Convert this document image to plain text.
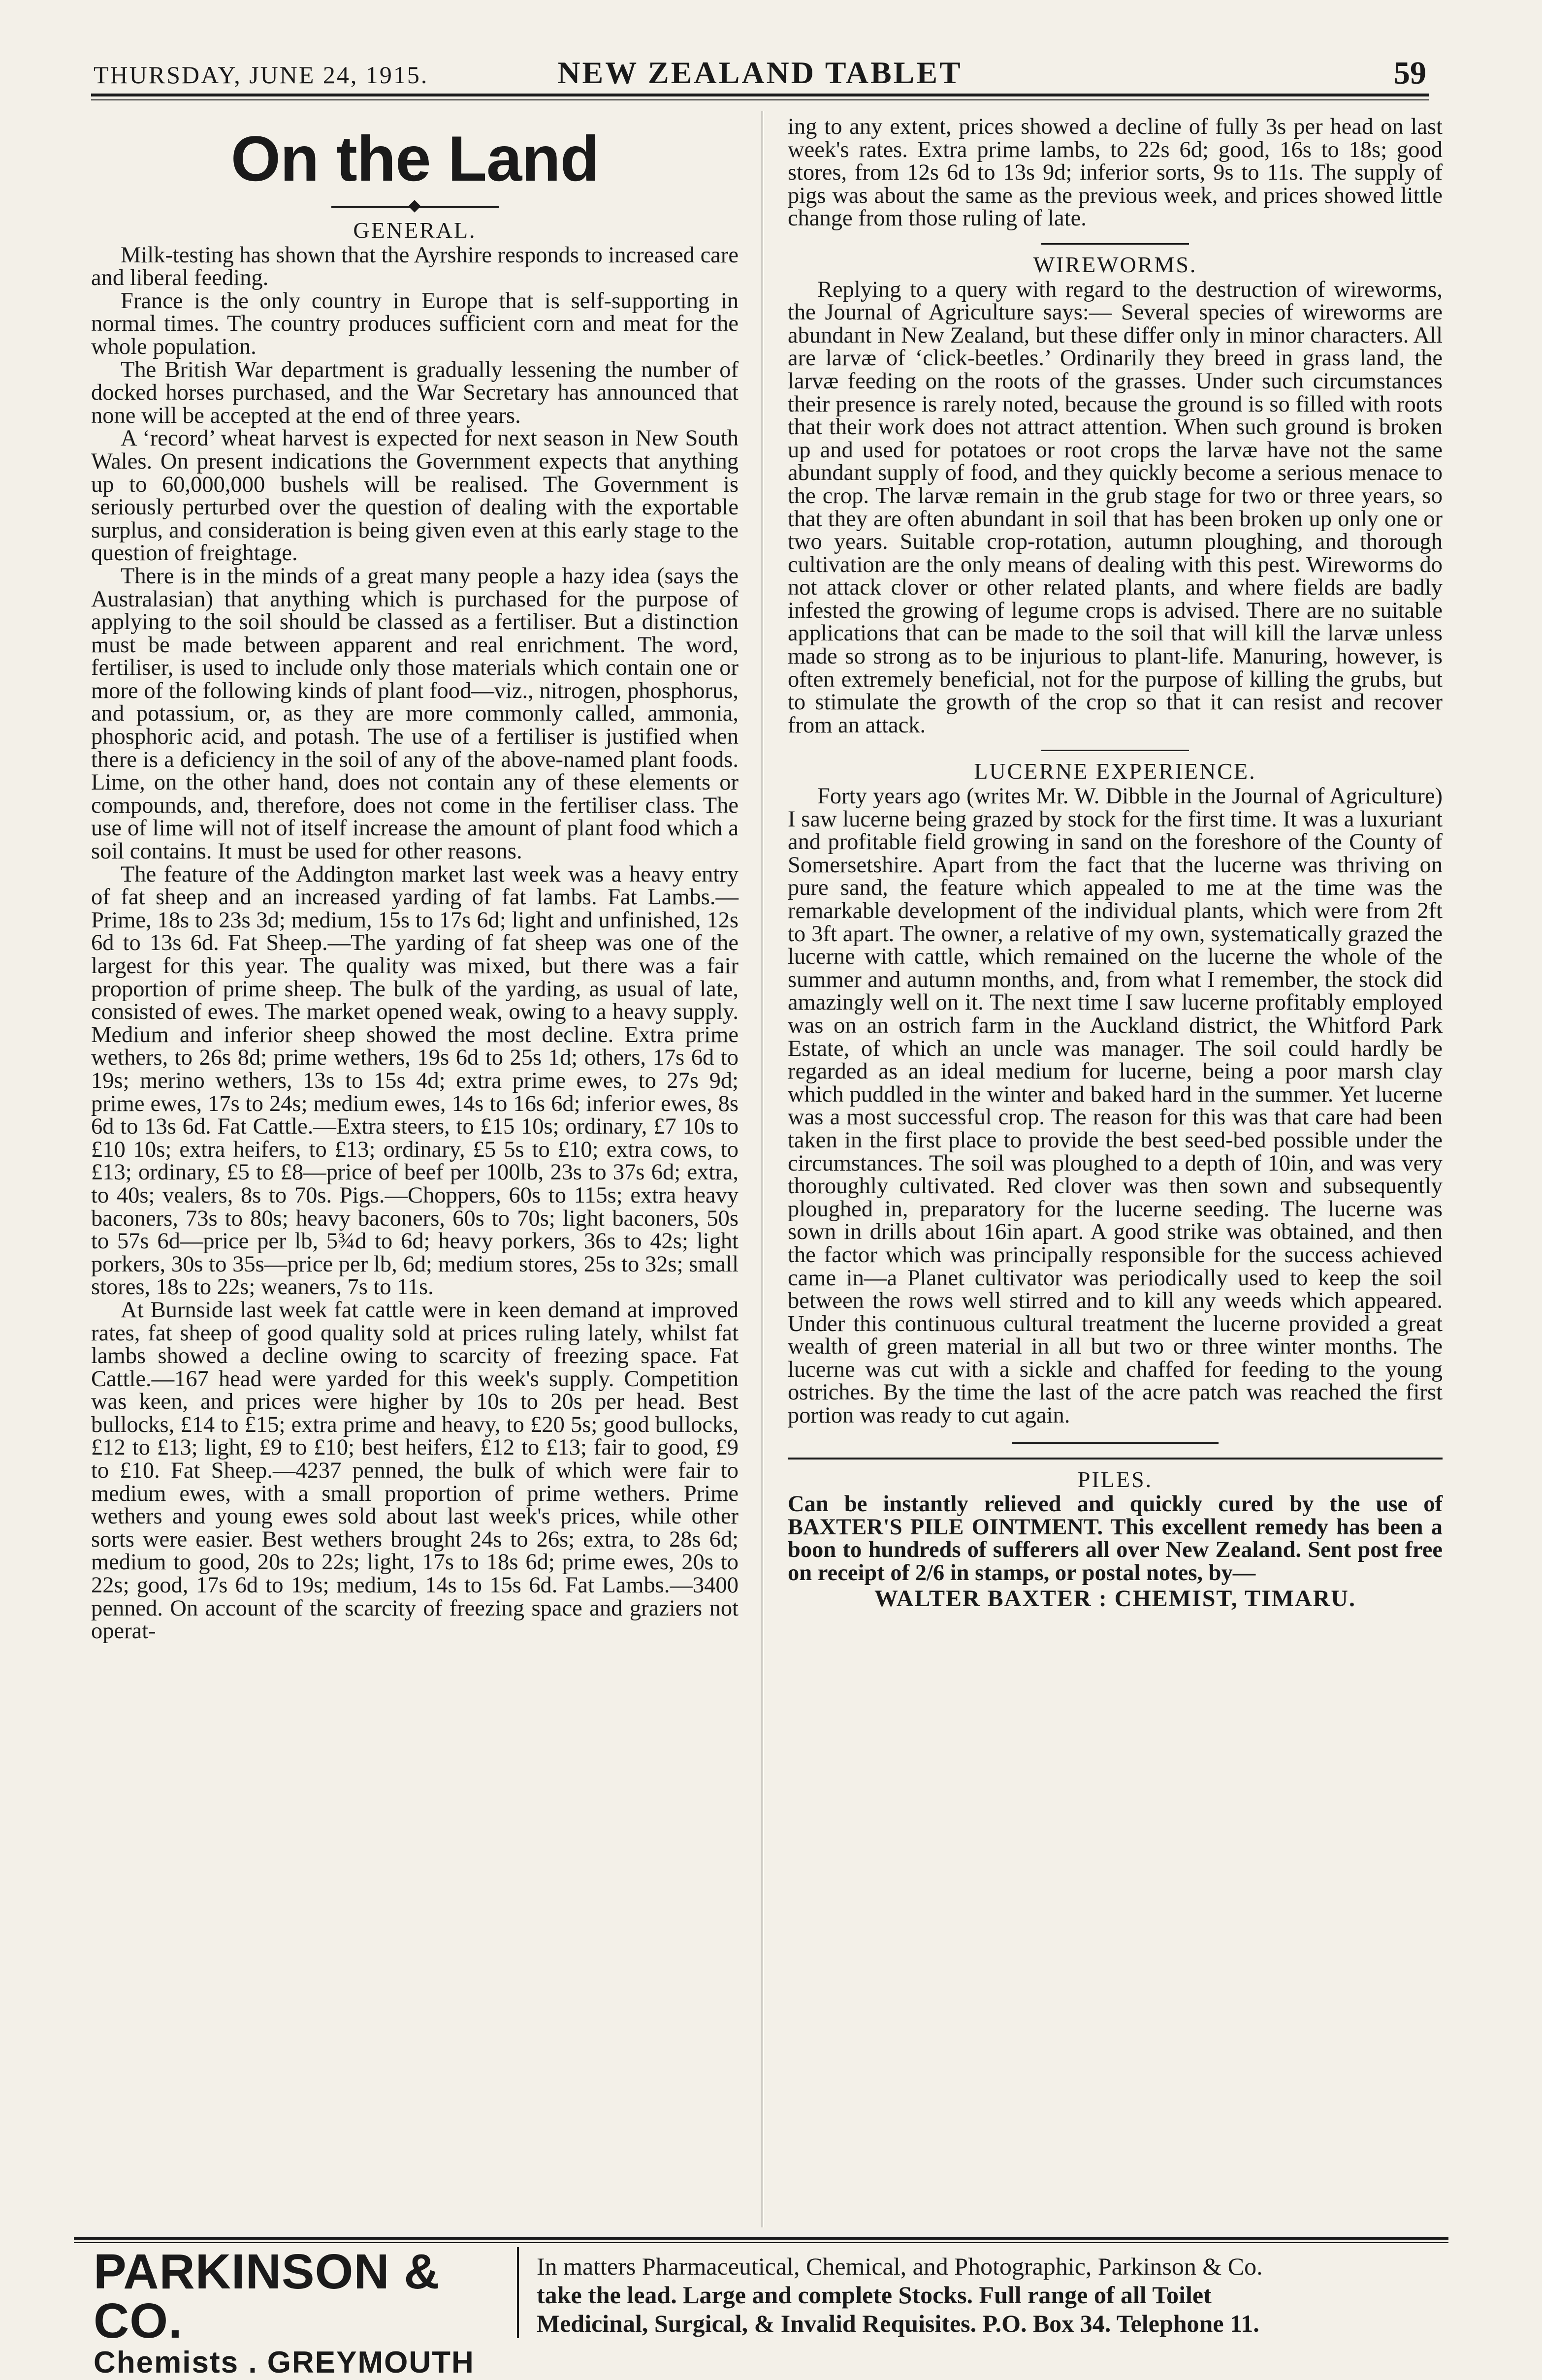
THURSDAY, JUNE 24, 1915.	NEW ZEALAND TABLET	59
On the Land
GENERAL.

Milk-testing has shown that the Ayrshire responds to increased care and liberal feeding.

France is the only country in Europe that is self-supporting in normal times. The country produces sufficient corn and meat for the whole population.

The British War department is gradually lessening the number of docked horses purchased, and the War Secretary has announced that none will be accepted at the end of three years.

A ‘record’ wheat harvest is expected for next season in New South Wales. On present indications the Government expects that anything up to 60,000,000 bushels will be realised. The Government is seriously perturbed over the question of dealing with the exportable surplus, and consideration is being given even at this early stage to the question of freightage.

There is in the minds of a great many people a hazy idea (says the Australasian) that anything which is purchased for the purpose of applying to the soil should be classed as a fertiliser. But a distinction must be made between apparent and real enrichment. The word, fertiliser, is used to include only those materials which contain one or more of the following kinds of plant food—viz., nitrogen, phosphorus, and potassium, or, as they are more commonly called, ammonia, phosphoric acid, and potash. The use of a fertiliser is justified when there is a deficiency in the soil of any of the above-named plant foods. Lime, on the other hand, does not contain any of these elements or compounds, and, therefore, does not come in the fertiliser class. The use of lime will not of itself increase the amount of plant food which a soil contains. It must be used for other reasons.

The feature of the Addington market last week was a heavy entry of fat sheep and an increased yarding of fat lambs. Fat Lambs.—Prime, 18s to 23s 3d; medium, 15s to 17s 6d; light and unfinished, 12s 6d to 13s 6d. Fat Sheep.—The yarding of fat sheep was one of the largest for this year. The quality was mixed, but there was a fair proportion of prime sheep. The bulk of the yarding, as usual of late, consisted of ewes. The market opened weak, owing to a heavy supply. Medium and inferior sheep showed the most decline. Extra prime wethers, to 26s 8d; prime wethers, 19s 6d to 25s 1d; others, 17s 6d to 19s; merino wethers, 13s to 15s 4d; extra prime ewes, to 27s 9d; prime ewes, 17s to 24s; medium ewes, 14s to 16s 6d; inferior ewes, 8s 6d to 13s 6d. Fat Cattle.—Extra steers, to £15 10s; ordinary, £7 10s to £10 10s; extra heifers, to £13; ordinary, £5 5s to £10; extra cows, to £13; ordinary, £5 to £8—price of beef per 100lb, 23s to 37s 6d; extra, to 40s; vealers, 8s to 70s. Pigs.—Choppers, 60s to 115s; extra heavy baconers, 73s to 80s; heavy baconers, 60s to 70s; light baconers, 50s to 57s 6d—price per lb, 5¾d to 6d; heavy porkers, 36s to 42s; light porkers, 30s to 35s—price per lb, 6d; medium stores, 25s to 32s; small stores, 18s to 22s; weaners, 7s to 11s.

At Burnside last week fat cattle were in keen demand at improved rates, fat sheep of good quality sold at prices ruling lately, whilst fat lambs showed a decline owing to scarcity of freezing space. Fat Cattle.—167 head were yarded for this week's supply. Competition was keen, and prices were higher by 10s to 20s per head. Best bullocks, £14 to £15; extra prime and heavy, to £20 5s; good bullocks, £12 to £13; light, £9 to £10; best heifers, £12 to £13; fair to good, £9 to £10. Fat Sheep.—4237 penned, the bulk of which were fair to medium ewes, with a small proportion of prime wethers. Prime wethers and young ewes sold about last week's prices, while other sorts were easier. Best wethers brought 24s to 26s; extra, to 28s 6d; medium to good, 20s to 22s; light, 17s to 18s 6d; prime ewes, 20s to 22s; good, 17s 6d to 19s; medium, 14s to 15s 6d. Fat Lambs.—3400 penned. On account of the scarcity of freezing space and graziers not operat-

ing to any extent, prices showed a decline of fully 3s per head on last week's rates. Extra prime lambs, to 22s 6d; good, 16s to 18s; good stores, from 12s 6d to 13s 9d; inferior sorts, 9s to 11s. The supply of pigs was about the same as the previous week, and prices showed little change from those ruling of late.

WIREWORMS.

Replying to a query with regard to the destruction of wireworms, the Journal of Agriculture says:— Several species of wireworms are abundant in New Zealand, but these differ only in minor characters. All are larvæ of ‘click-beetles.’ Ordinarily they breed in grass land, the larvæ feeding on the roots of the grasses. Under such circumstances their presence is rarely noted, because the ground is so filled with roots that their work does not attract attention. When such ground is broken up and used for potatoes or root crops the larvæ have not the same abundant supply of food, and they quickly become a serious menace to the crop. The larvæ remain in the grub stage for two or three years, so that they are often abundant in soil that has been broken up only one or two years. Suitable crop-rotation, autumn ploughing, and thorough cultivation are the only means of dealing with this pest. Wireworms do not attack clover or other related plants, and where fields are badly infested the growing of legume crops is advised. There are no suitable applications that can be made to the soil that will kill the larvæ unless made so strong as to be injurious to plant-life. Manuring, however, is often extremely beneficial, not for the purpose of killing the grubs, but to stimulate the growth of the crop so that it can resist and recover from an attack.

LUCERNE EXPERIENCE.

Forty years ago (writes Mr. W. Dibble in the Journal of Agriculture) I saw lucerne being grazed by stock for the first time. It was a luxuriant and profitable field growing in sand on the foreshore of the County of Somersetshire. Apart from the fact that the lucerne was thriving on pure sand, the feature which appealed to me at the time was the remarkable development of the individual plants, which were from 2ft to 3ft apart. The owner, a relative of my own, systematically grazed the lucerne with cattle, which remained on the lucerne the whole of the summer and autumn months, and, from what I remember, the stock did amazingly well on it. The next time I saw lucerne profitably employed was on an ostrich farm in the Auckland district, the Whitford Park Estate, of which an uncle was manager. The soil could hardly be regarded as an ideal medium for lucerne, being a poor marsh clay which puddled in the winter and baked hard in the summer. Yet lucerne was a most successful crop. The reason for this was that care had been taken in the first place to provide the best seed-bed possible under the circumstances. The soil was ploughed to a depth of 10in, and was very thoroughly cultivated. Red clover was then sown and subsequently ploughed in, preparatory for the lucerne seeding. The lucerne was sown in drills about 16in apart. A good strike was obtained, and then the factor which was principally responsible for the success achieved came in—a Planet cultivator was periodically used to keep the soil between the rows well stirred and to kill any weeds which appeared. Under this continuous cultural treatment the lucerne provided a great wealth of green material in all but two or three winter months. The lucerne was cut with a sickle and chaffed for feeding to the young ostriches. By the time the last of the acre patch was reached the first portion was ready to cut again.

PILES.
Can be instantly relieved and quickly cured by the use of BAXTER'S PILE OINTMENT. This excellent remedy has been a boon to hundreds of sufferers all over New Zealand. Sent post free on receipt of 2/6 in stamps, or postal notes, by—
WALTER BAXTER : CHEMIST, TIMARU.
PARKINSON & CO.
Chemists . GREYMOUTH
In matters Pharmaceutical, Chemical, and Photographic, Parkinson & Co.
take the lead. Large and complete Stocks. Full range of all Toilet
Medicinal, Surgical, & Invalid Requisites. P.O. Box 34. Telephone 11.
